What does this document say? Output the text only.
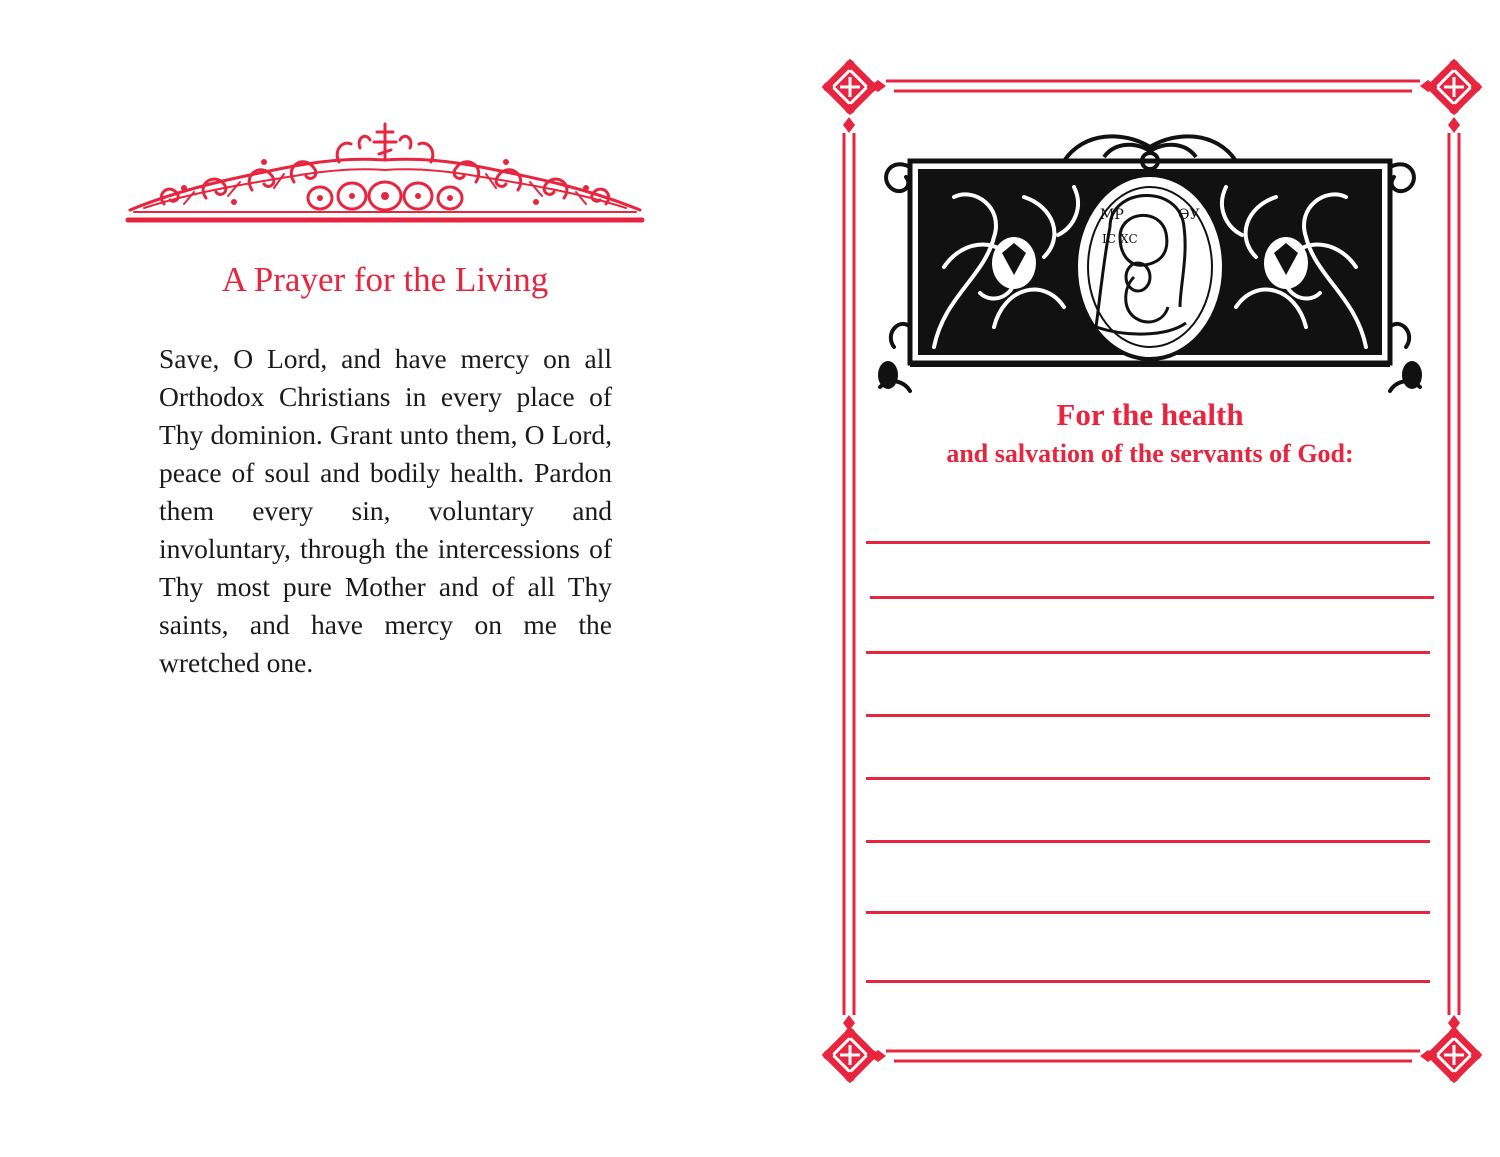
A Prayer for the Living

Save, O Lord, and have mercy on all Orthodox Christians in every place of Thy dominion. Grant unto them, O Lord, peace of soul and bodily health. Pardon them every sin, voluntary and involuntary, through the intercessions of Thy most pure Mother and of all Thy saints, and have mercy on me the wretched one.

МР	ѲУ
ІС ХС
For the health
and salvation of the servants of God:
